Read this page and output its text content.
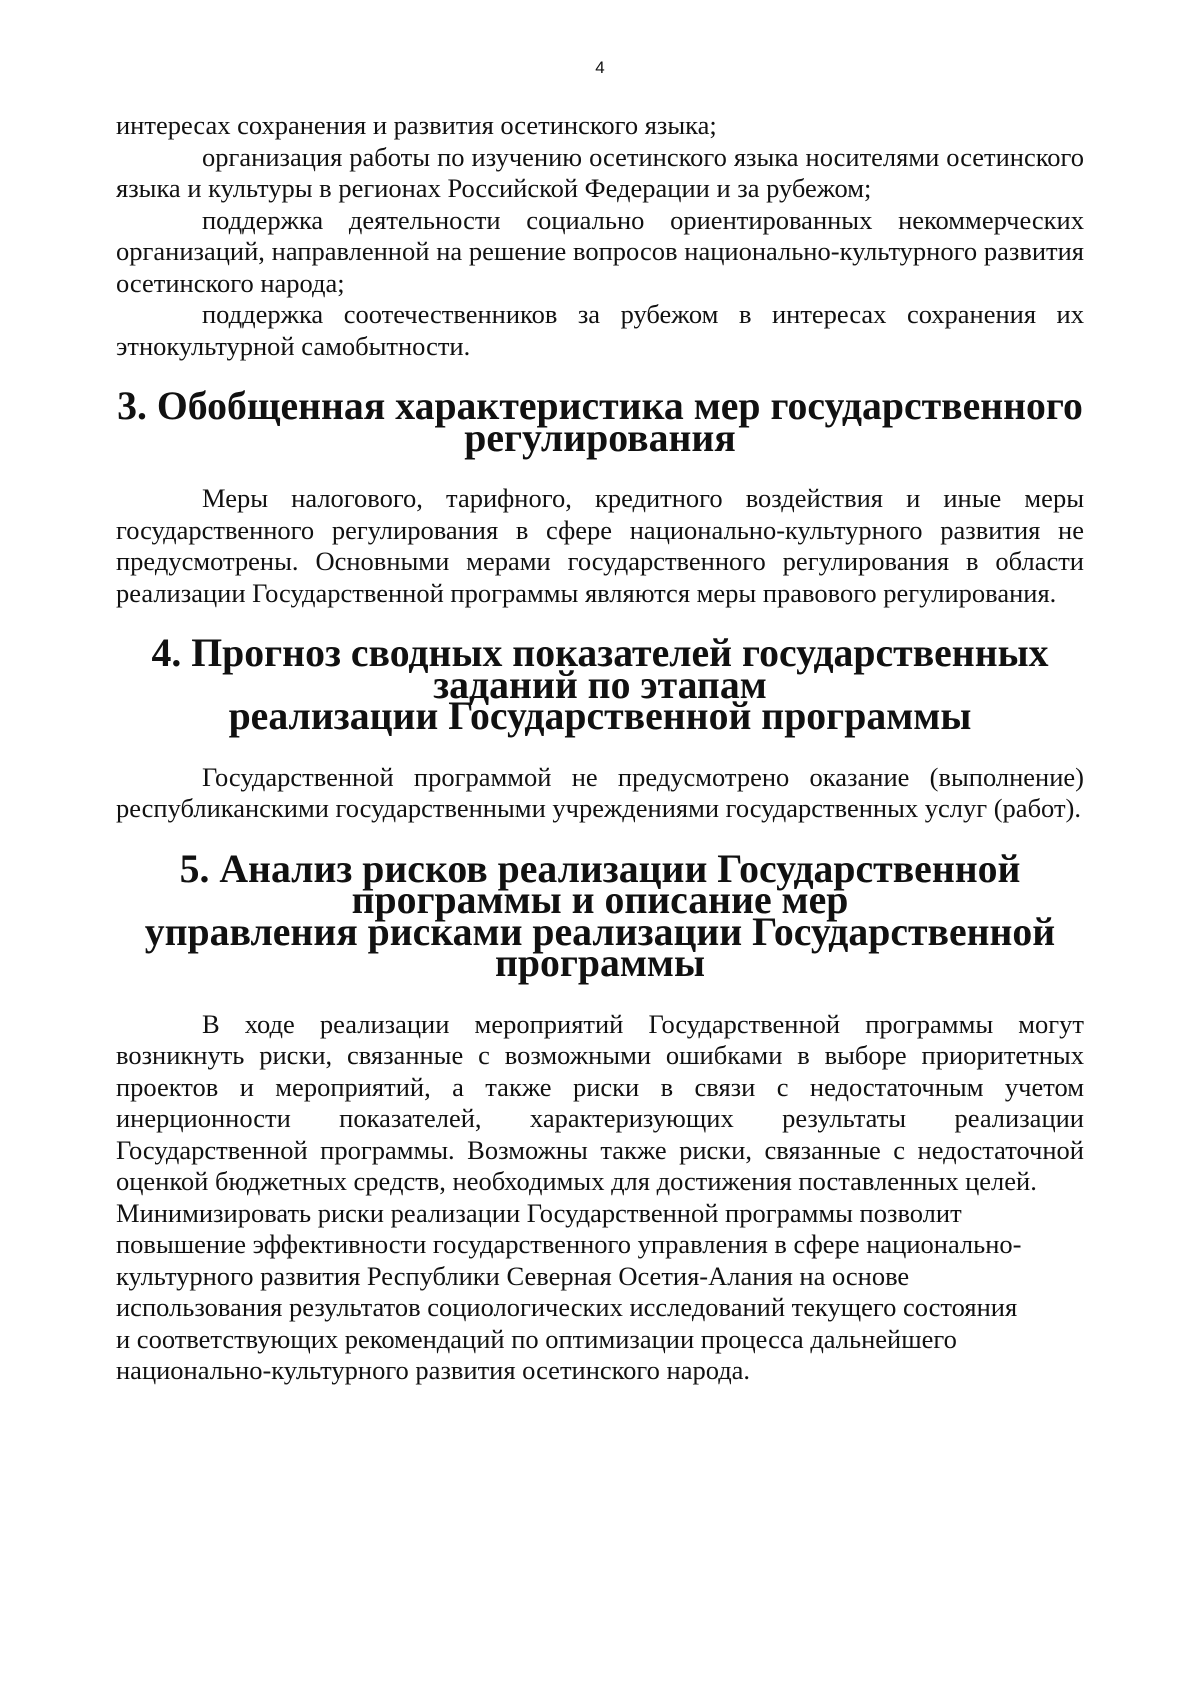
4

интересах сохранения и развития осетинского языка;

организация работы по изучению осетинского языка носителями осетинского языка и культуры в регионах Российской Федерации и за рубежом;

поддержка деятельности социально ориентированных некоммерческих организаций, направленной на решение вопросов национально-культурного развития осетинского народа;

поддержка соотечественников за рубежом в интересах сохранения их этнокультурной самобытности.

3. Обобщенная характеристика мер государственного регулирования

Меры налогового, тарифного, кредитного воздействия и иные меры государственного регулирования в сфере национально-культурного развития не предусмотрены. Основными мерами государственного регулирования в области реализации Государственной программы являются меры правового регулирования.

4. Прогноз сводных показателей государственных заданий по этапам
реализации Государственной программы

Государственной программой не предусмотрено оказание (выполнение) республиканскими государственными учреждениями государственных услуг (работ).

5. Анализ рисков реализации Государственной программы и описание мер
управления рисками реализации Государственной программы

В ходе реализации мероприятий Государственной программы могут возникнуть риски, связанные с возможными ошибками в выборе приоритетных проектов и мероприятий, а также риски в связи с недостаточным учетом инерционности показателей, характеризующих результаты реализации Государственной программы. Возможны также риски, связанные с недостаточной оценкой бюджетных средств, необходимых для достижения поставленных целей.

Минимизировать риски реализации Государственной программы позволит
повышение эффективности государственного управления в сфере национально-
культурного развития Республики Северная Осетия-Алания на основе
использования результатов социологических исследований текущего состояния
и соответствующих рекомендаций по оптимизации процесса дальнейшего
национально-культурного развития осетинского народа.
